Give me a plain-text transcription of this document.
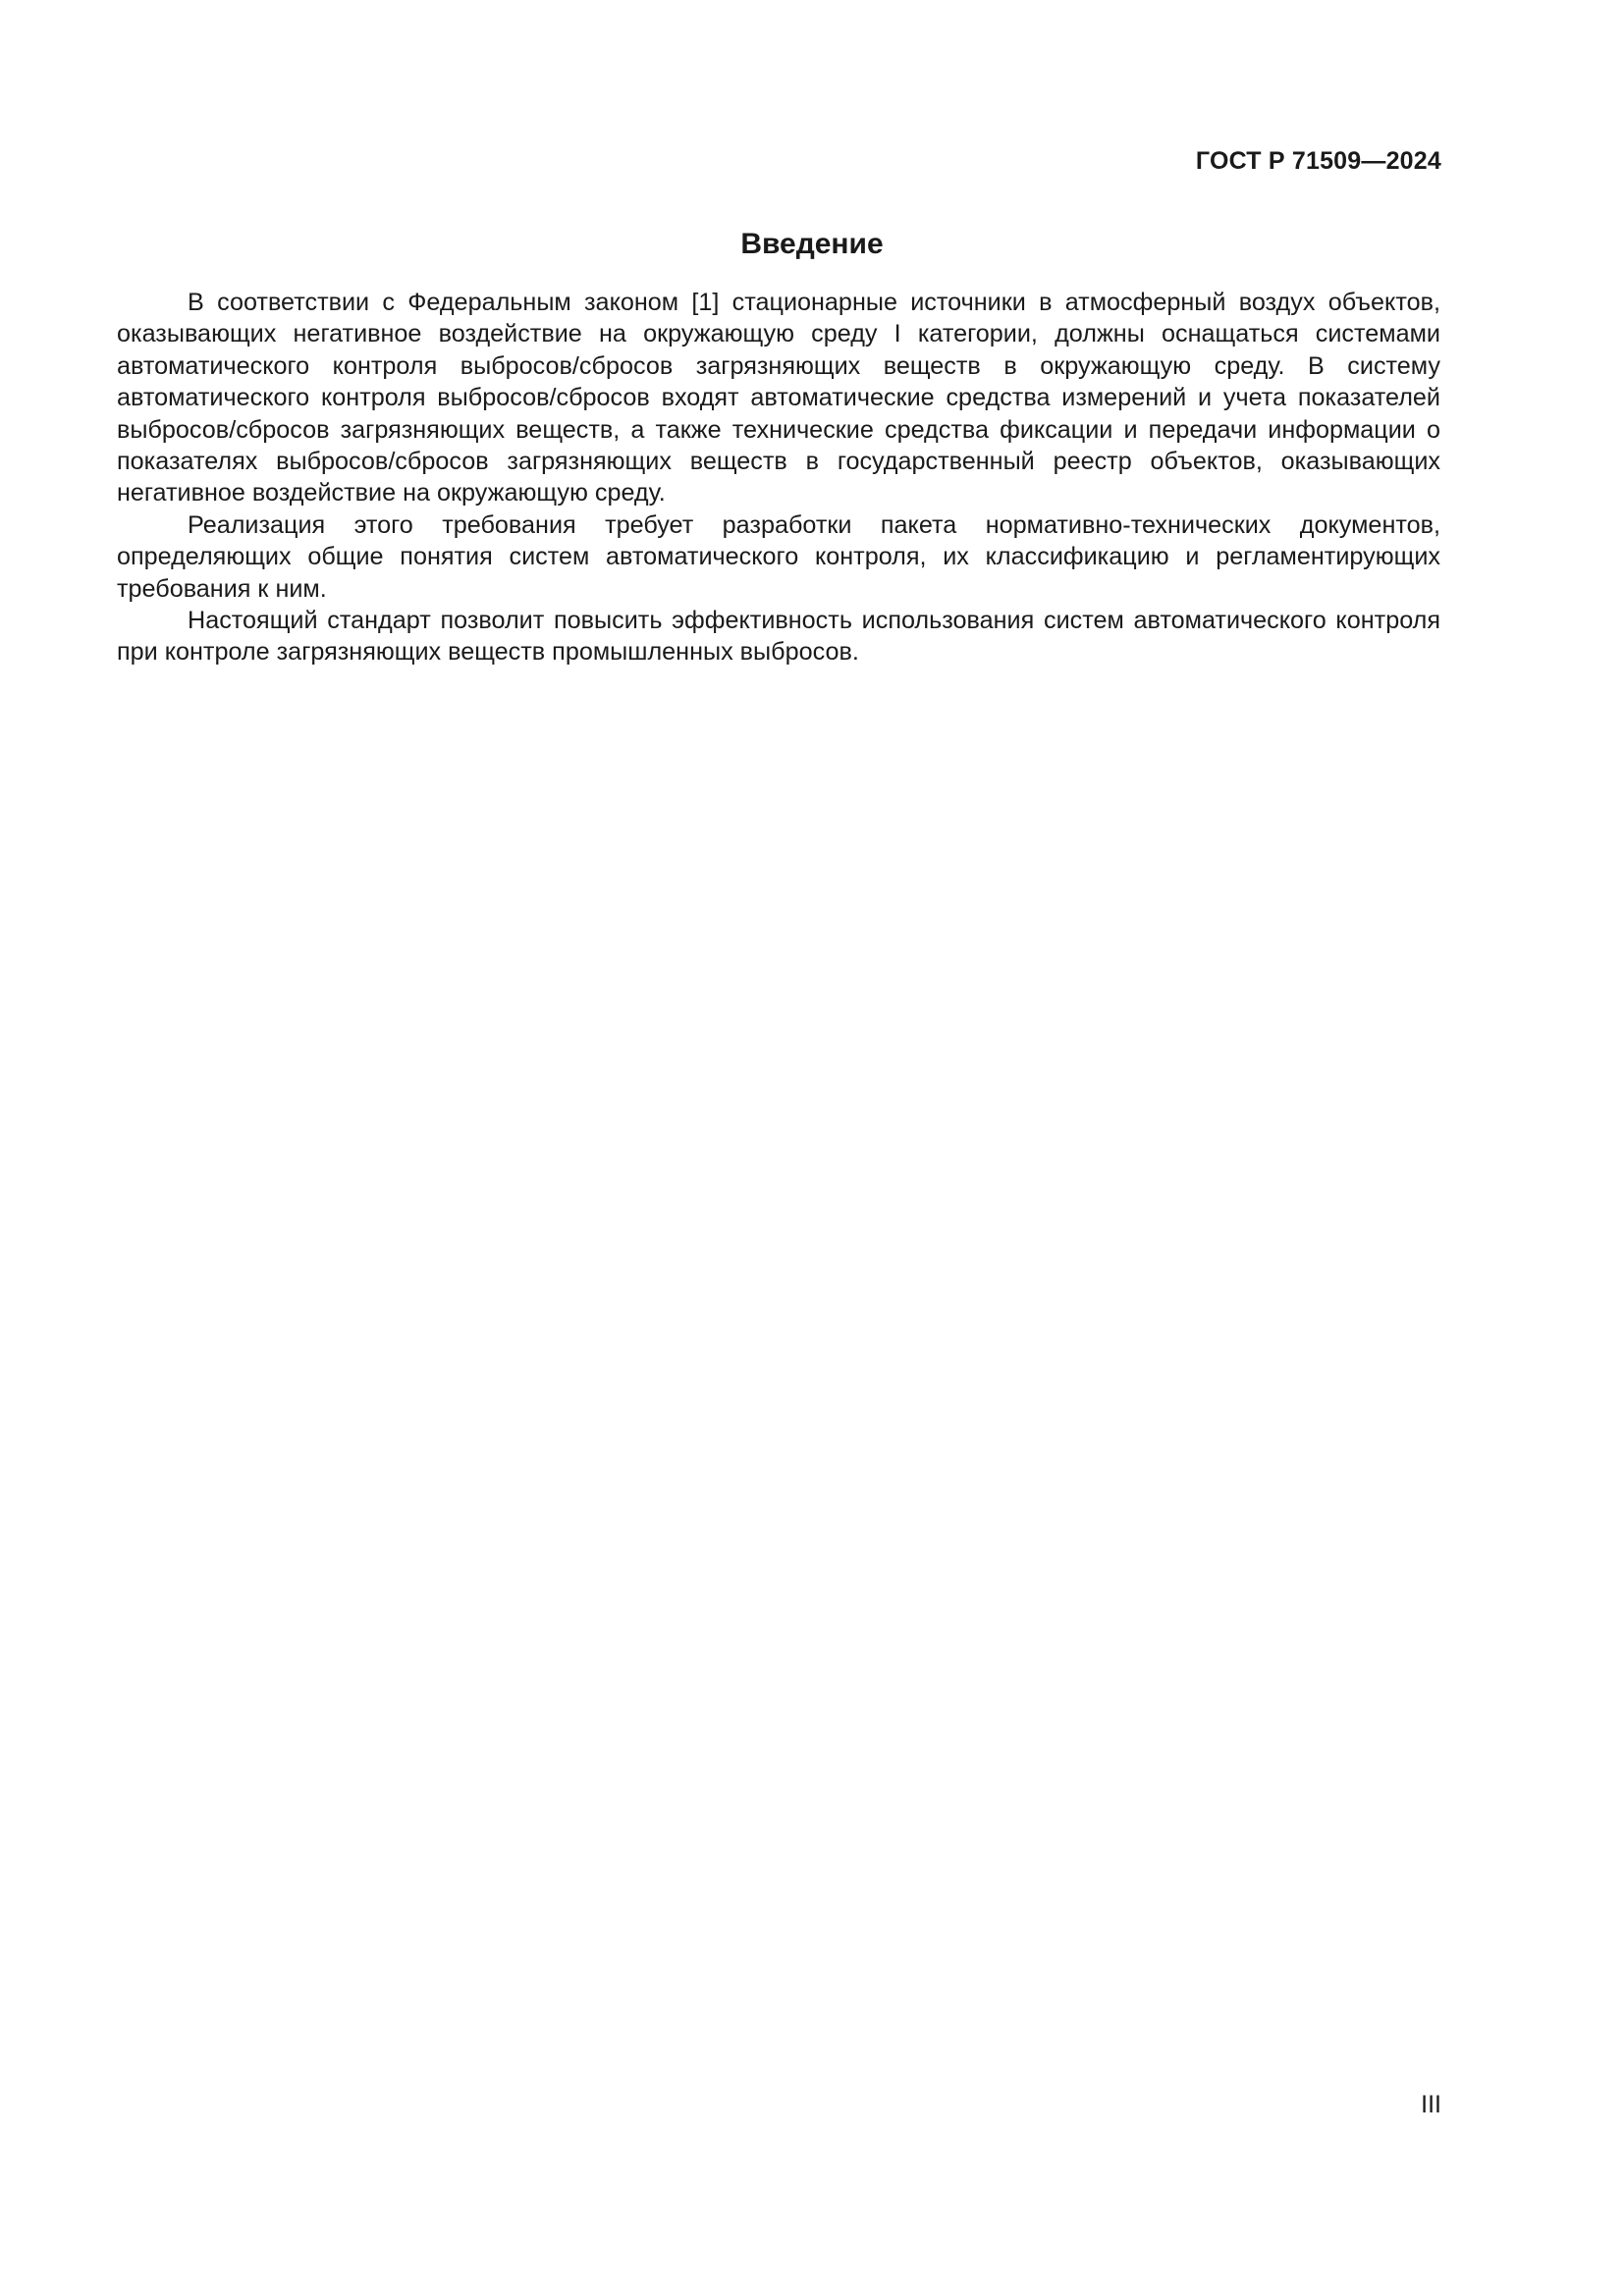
ГОСТ Р 71509—2024
Введение

В соответствии с Федеральным законом [1] стационарные источники в атмосферный воздух объектов, оказывающих негативное воздействие на окружающую среду I категории, должны оснащаться системами автоматического контроля выбросов/сбросов загрязняющих веществ в окружающую среду. В систему автоматического контроля выбросов/сбросов входят автоматические средства измерений и учета показателей выбросов/сбросов загрязняющих веществ, а также технические средства фиксации и передачи информации о показателях выбросов/сбросов загрязняющих веществ в государственный реестр объектов, оказывающих негативное воздействие на окружающую среду.

Реализация этого требования требует разработки пакета нормативно-технических документов, определяющих общие понятия систем автоматического контроля, их классификацию и регламентирующих требования к ним.

Настоящий стандарт позволит повысить эффективность использования систем автоматического контроля при контроле загрязняющих веществ промышленных выбросов.

III
